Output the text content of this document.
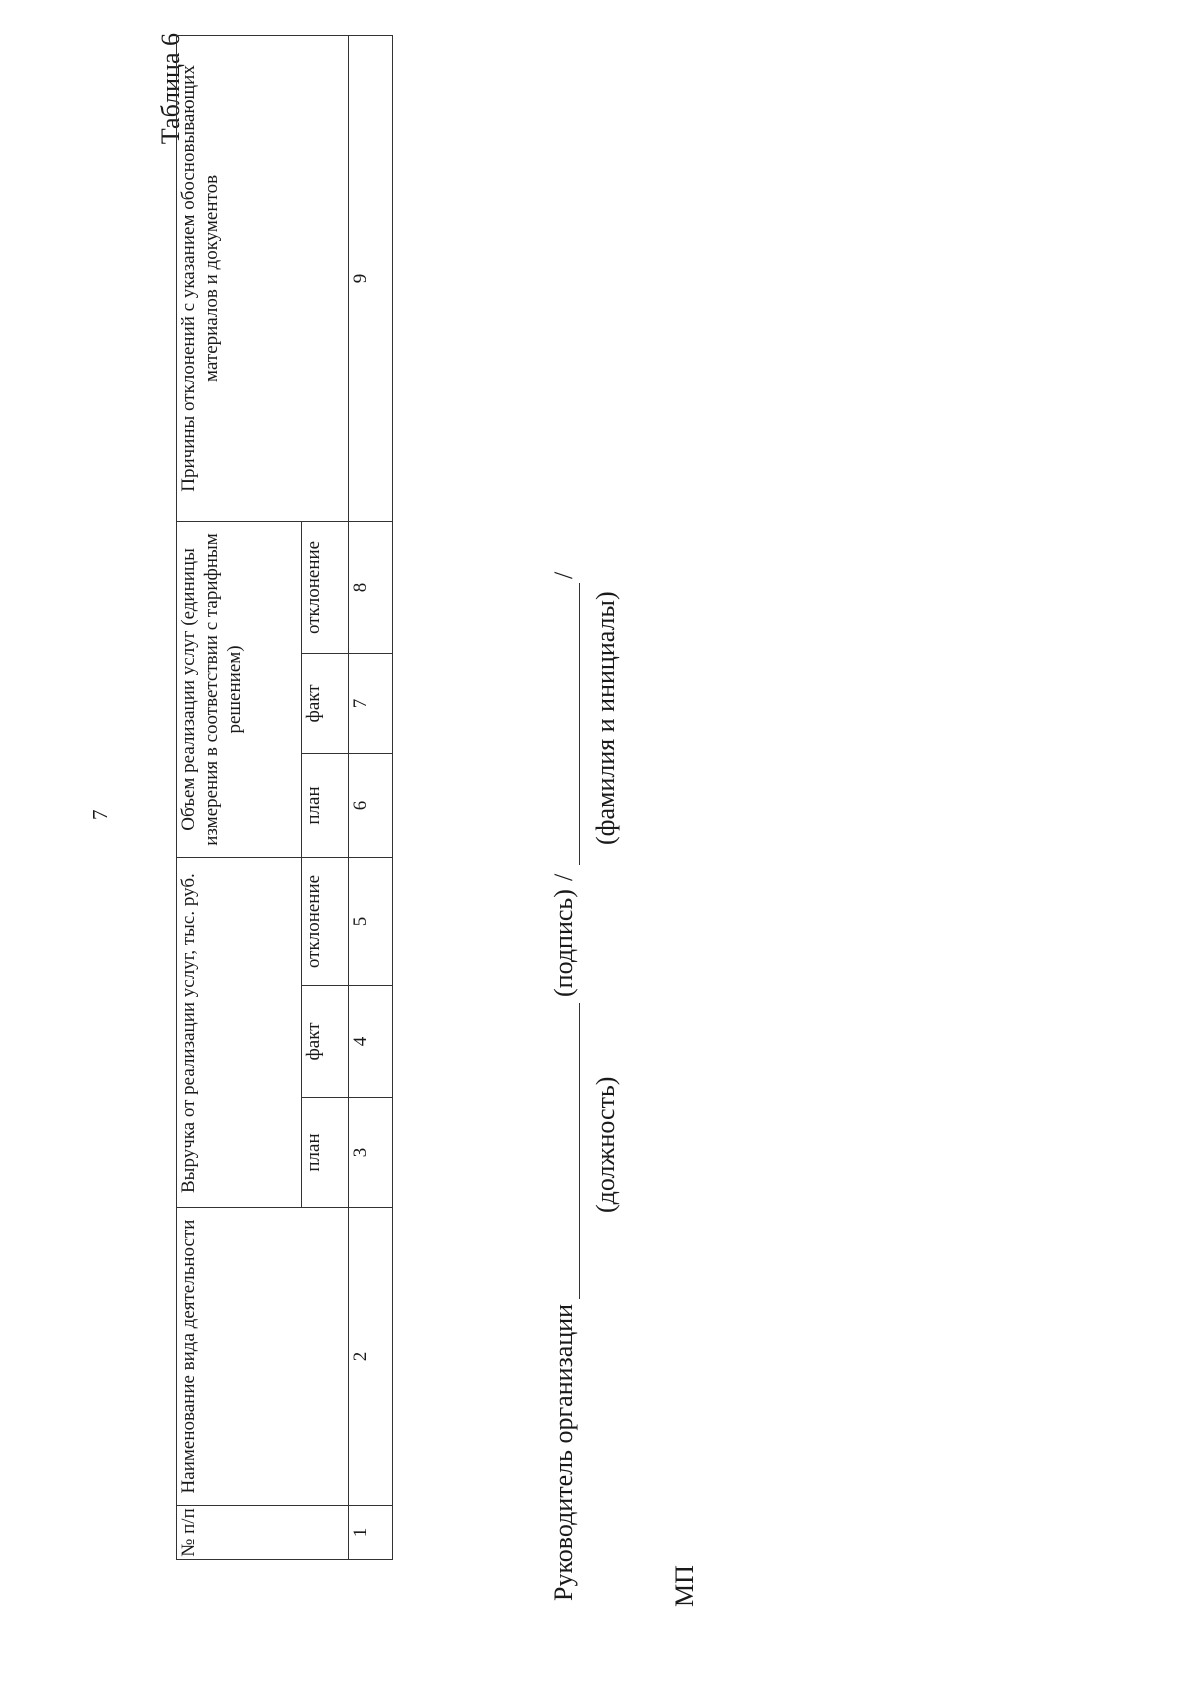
7
Таблица 6
№ п/п	Наименование вида деятельности	Выручка от реализации услуг, тыс. руб.			Объем реализации услуг (единицы измерения в соответствии с тарифным решением)			Причины отклонений с указанием обосновывающих материалов и документов
		план	факт	отклонение	план	факт	отклонение	
1	2	3	4	5	6	7	8	9
Руководитель организации
(подпись)
/
/
(должность)
(фамилия и инициалы)
МП
